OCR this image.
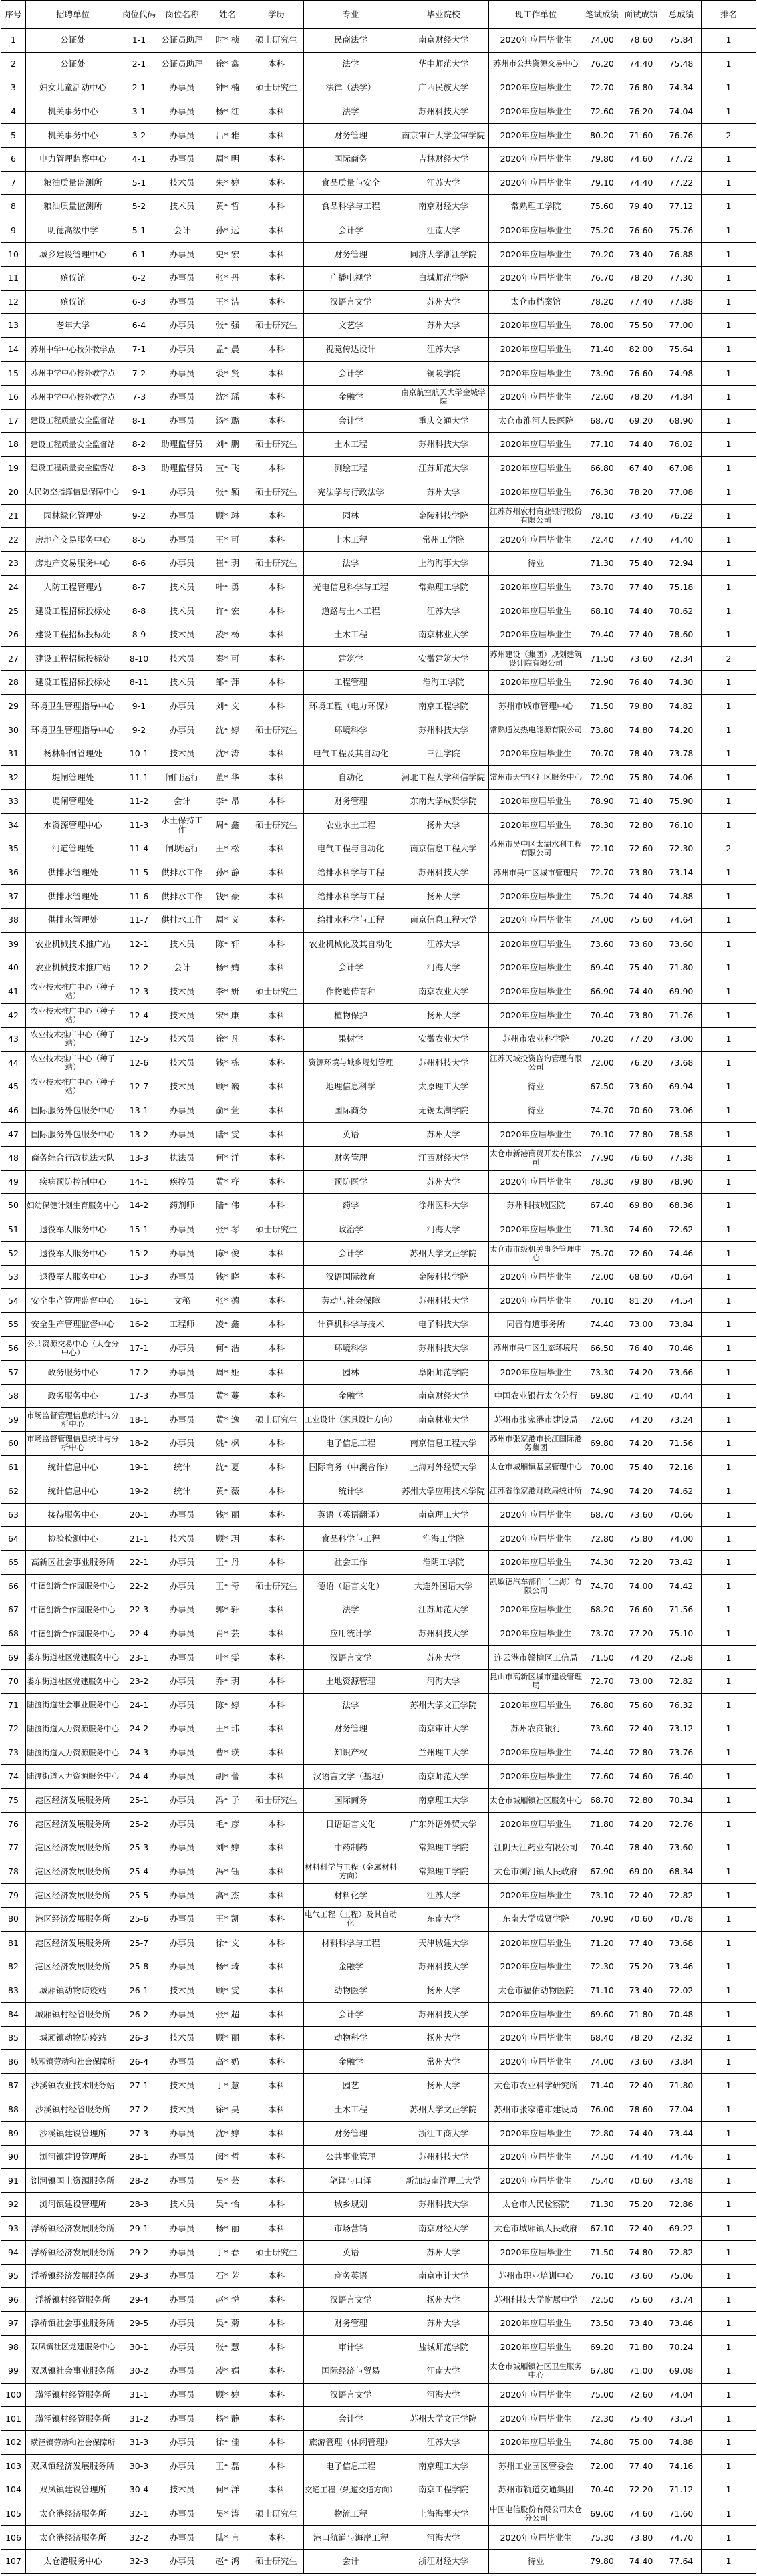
序号	招聘单位	岗位代码	岗位名称	姓名	学历	专业	毕业院校	现工作单位	笔试成绩	面试成绩	总成绩	排名
1	公证处	1-1	公证员助理	时* 桢	硕士研究生	民商法学	南京财经大学	2020年应届毕业生	74.00	78.60	75.84	1
2	公证处	2-1	公证员助理	徐* 鑫	本科	法学	华中师范大学	苏州市公共资源交易中心	76.20	74.40	75.48	1
3	妇女儿童活动中心	2-1	办事员	钟* 楠	硕士研究生	法律（法学）	广西民族大学	2020年应届毕业生	72.70	76.80	74.34	1
4	机关事务中心	3-1	办事员	杨* 红	本科	法学	苏州科技大学	2020年应届毕业生	72.60	76.20	74.04	1
5	机关事务中心	3-2	办事员	吕* 雅	本科	财务管理	南京审计大学金审学院	2020年应届毕业生	80.20	71.60	76.76	2
6	电力管理监察中心	4-1	办事员	周* 明	本科	国际商务	吉林财经大学	2020年应届毕业生	79.80	74.60	77.72	1
7	粮油质量监测所	5-1	技术员	朱* 婷	本科	食品质量与安全	江苏大学	2020年应届毕业生	79.10	74.40	77.22	1
8	粮油质量监测所	5-2	技术员	黄* 哲	本科	食品科学与工程	南京财经大学	常熟理工学院	75.60	79.40	77.12	1
9	明德高级中学	5-1	会计	孙* 远	本科	会计学	江南大学	2020年应届毕业生	75.20	76.60	75.76	1
10	城乡建设管理中心	6-1	办事员	史* 宏	本科	财务管理	同济大学浙江学院	2020年应届毕业生	79.20	73.40	76.88	1
11	殡仪馆	6-2	办事员	张* 丹	本科	广播电视学	白城师范学院	2020年应届毕业生	76.70	78.20	77.30	1
12	殡仪馆	6-3	办事员	王* 洁	本科	汉语言文学	苏州大学	太仓市档案馆	78.20	77.40	77.88	1
13	老年大学	6-4	办事员	张* 强	硕士研究生	文艺学	苏州大学	2020年应届毕业生	78.00	75.50	77.00	1
14	苏州中学中心校外教学点	7-1	办事员	孟* 晨	本科	视觉传达设计	江苏大学	2020年应届毕业生	71.40	82.00	75.64	1
15	苏州中学中心校外教学点	7-2	办事员	裘* 贤	本科	会计学	铜陵学院	2020年应届毕业生	73.90	76.60	74.98	1
16	苏州中学中心校外教学点	7-3	办事员	沈* 瑶	本科	金融学	南京航空航天大学金城学院	2020年应届毕业生	72.60	78.20	74.84	1
17	建设工程质量安全监督站	8-1	办事员	汤* 璐	本科	会计学	重庆交通大学	太仓市淮河人民医院	68.70	69.20	68.90	1
18	建设工程质量安全监督站	8-2	助理监督员	刘* 鹏	硕士研究生	土木工程	苏州科技大学	2020年应届毕业生	77.10	74.40	76.02	1
19	建设工程质量安全监督站	8-3	助理监督员	宣* 飞	本科	测绘工程	江苏师范大学	2020年应届毕业生	66.80	67.40	67.08	1
20	人民防空指挥信息保障中心	9-1	办事员	张* 颖	硕士研究生	宪法学与行政法学	苏州大学	2020年应届毕业生	76.30	78.20	77.08	1
21	园林绿化管理处	9-2	办事员	顾* 琳	本科	园林	金陵科技学院	江苏苏州农村商业银行股份有限公司	78.10	73.40	76.22	1
22	房地产交易服务中心	8-5	办事员	王* 可	本科	土木工程	常州工学院	2020年应届毕业生	72.40	77.40	74.40	1
23	房地产交易服务中心	8-6	办事员	崔* 玥	硕士研究生	法学	上海海事大学	待业	71.30	75.40	72.94	1
24	人防工程管理站	8-7	技术员	叶* 勇	本科	光电信息科学与工程	常熟理工学院	2020年应届毕业生	73.70	77.40	75.18	1
25	建设工程招标投标处	8-8	技术员	许* 宏	本科	道路与土木工程	江苏大学	2020年应届毕业生	68.10	74.40	70.62	1
26	建设工程招标投标处	8-9	技术员	凌* 杨	本科	土木工程	南京林业大学	2020年应届毕业生	79.40	77.40	78.60	1
27	建设工程招标投标处	8-10	技术员	秦* 可	本科	建筑学	安徽建筑大学	苏州建设（集团）规划建筑设计院有限公司	71.50	73.60	72.34	2
28	建设工程招标投标处	8-11	技术员	邹* 萍	本科	工程管理	淮海工学院	2020年应届毕业生	72.90	76.40	74.30	1
29	环境卫生管理指导中心	9-1	办事员	刘* 文	本科	环境工程（电力环保）	南京工程学院	苏州市城市管理中心	71.50	79.80	74.82	1
30	环境卫生管理指导中心	9-2	办事员	沈* 婷	硕士研究生	环境科学	苏州科技大学	常熟通发热电能源有限公司	73.80	74.80	74.20	1
31	杨林船闸管理处	10-1	技术员	沈* 涛	本科	电气工程及其自动化	三江学院	2020年应届毕业生	70.70	78.40	73.78	1
32	堤闸管理处	11-1	闸门运行	董* 华	本科	自动化	河北工程大学科信学院	常州市天宁区社区服务中心	72.90	75.80	74.06	1
33	堤闸管理处	11-2	会计	李* 昂	本科	财务管理	东南大学成贤学院	2020年应届毕业生	78.90	71.40	75.90	1
34	水资源管理中心	11-3	水土保持工作	周* 鑫	硕士研究生	农业水土工程	扬州大学	2020年应届毕业生	78.30	72.80	76.10	1
35	河道管理处	11-4	闸坝运行	王* 松	本科	电气工程与自动化	南京信息工程大学	苏州市吴中区太湖水利工程有限公司	72.10	72.60	72.30	2
36	供排水管理处	11-5	供排水工作	孙* 静	本科	给排水科学与工程	苏州科技大学	苏州市吴中区城市管理局	72.70	73.80	73.14	1
37	供排水管理处	11-6	供排水工作	钱* 豪	本科	给排水科学与工程	扬州大学	2020年应届毕业生	75.20	74.40	74.88	1
38	供排水管理处	11-7	供排水工作	周* 义	本科	给排水科学与工程	南京信息工程大学	2020年应届毕业生	74.00	75.60	74.64	1
39	农业机械技术推广站	12-1	技术员	陈* 轩	本科	农业机械化及其自动化	江苏大学	2020年应届毕业生	73.60	73.60	73.60	1
40	农业机械技术推广站	12-2	会计	杨* 婧	本科	会计学	河海大学	2020年应届毕业生	69.40	75.40	71.80	1
41	农业技术推广中心（种子站）	12-3	技术员	李* 妍	硕士研究生	作物遗传育种	南京农业大学	2020年应届毕业生	66.90	74.40	69.90	1
42	农业技术推广中心（种子站）	12-4	技术员	宋* 康	本科	植物保护	扬州大学	2020年应届毕业生	70.40	73.80	71.76	1
43	农业技术推广中心（种子站）	12-5	技术员	徐* 凡	本科	果树学	安徽农业大学	苏州市农业科学院	70.20	77.20	73.00	1
44	农业技术推广中心（种子站）	12-6	技术员	钱* 栋	本科	资源环境与城乡规划管理	苏州科技大学	江苏天域投资咨询管理有限公司	72.00	76.20	73.68	1
45	农业技术推广中心（种子站）	12-7	技术员	顾* 巍	本科	地理信息科学	太原理工大学	待业	67.50	73.60	69.94	1
46	国际服务外包服务中心	13-1	办事员	俞* 萱	本科	国际商务	无锡太湖学院	待业	74.70	70.60	73.06	1
47	国际服务外包服务中心	13-2	办事员	陆* 雯	本科	英语	苏州大学	2020年应届毕业生	79.10	77.80	78.58	1
48	商务综合行政执法大队	13-3	执法员	何* 洋	本科	财务管理	江西财经大学	太仓市新港商贸开发有限公司	77.90	76.60	77.38	1
49	疾病预防控制中心	14-1	疾控员	黄* 桦	本科	预防医学	苏州大学	2020年应届毕业生	78.30	79.80	78.90	1
50	妇幼保健计划生育服务中心	14-2	药剂师	陆* 伟	本科	药学	徐州医科大学	苏州科技城医院	67.40	69.80	68.36	1
51	退役军人服务中心	15-1	办事员	张* 琴	硕士研究生	政治学	河海大学	2020年应届毕业生	71.30	74.60	72.62	1
52	退役军人服务中心	15-2	办事员	陈* 俊	本科	会计学	苏州大学文正学院	太仓市市级机关事务管理中心	75.70	72.60	74.46	1
53	退役军人服务中心	15-3	办事员	钱* 晓	本科	汉语国际教育	金陵科技学院	2020年应届毕业生	72.00	68.60	70.64	1
54	安全生产管理监督中心	16-1	文秘	张* 德	本科	劳动与社会保障	苏州科技大学	2020年应届毕业生	70.10	81.20	74.54	1
55	安全生产管理监督中心	16-2	工程师	凌* 鑫	本科	计算机科学与技术	电子科技大学	同晋有道事务所	74.40	73.00	73.84	1
56	公共资源交易中心（太仓分中心）	17-1	办事员	何* 浩	本科	环境科学	苏州科技大学	苏州市吴中区生态环境局	66.50	76.40	70.46	1
57	政务服务中心	17-2	办事员	周* 娅	本科	园林	阜阳师范学院	2020年应届毕业生	73.30	74.20	73.66	1
58	政务服务中心	17-3	办事员	黄* 蔓	本科	金融学	南京财经大学	中国农业银行太仓分行	69.80	71.40	70.44	1
59	市场监督管理信息统计与分析中心	18-1	办事员	黄* 逸	硕士研究生	工业设计（家具设计方向）	南京林业大学	苏州市张家港市建设局	72.60	74.20	73.24	1
60	市场监督管理信息统计与分析中心	18-2	办事员	姚* 枫	本科	电子信息工程	南京信息工程大学	苏州市张家港市长江国际港务集团	69.80	74.20	71.56	1
61	统计信息中心	19-1	统计	沈* 夏	本科	国际商务（中澳合作）	上海对外经贸大学	太仓市城厢镇基层管理中心	70.00	75.40	72.16	1
62	统计信息中心	19-2	统计	黄* 薇	本科	统计学	苏州大学应用技术学院	江苏省徐家港财政局统计所	74.90	74.20	74.62	1
63	接待服务中心	20-1	办事员	钱* 丽	本科	英语（英语翻译）	南京理工大学	2020年应届毕业生	68.70	73.60	70.66	1
64	检验检测中心	21-1	技术员	顾* 玥	本科	食品科学与工程	淮海工学院	2020年应届毕业生	72.80	75.80	74.00	1
65	高新区社会事业服务所	22-1	办事员	王* 丹	本科	社会工作	淮阴工学院	2020年应届毕业生	74.30	72.20	73.42	1
66	中德创新合作园服务中心	22-2	办事员	王* 奇	硕士研究生	德语（语言文化）	大连外国语大学	凯敏德汽车部件（上海）有限公司	74.70	74.00	74.42	1
67	中德创新合作园服务中心	22-3	办事员	郭* 轩	本科	法学	江苏师范大学	2020年应届毕业生	68.20	76.60	71.56	1
68	中德创新合作园服务中心	22-4	办事员	肖* 芸	本科	应用统计学	苏州科技大学	2020年应届毕业生	73.70	77.20	75.10	1
69	娄东街道社区党建服务中心	23-1	办事员	叶* 雯	本科	汉语言文学	苏州大学	连云港市赣榆区工信局	71.50	74.20	72.58	1
70	娄东街道社区党建服务中心	23-2	办事员	乔* 玥	本科	土地资源管理	河海大学	昆山市高新区城市建设管理局	72.70	73.00	72.82	1
71	陆渡街道社会事业服务中心	24-1	办事员	陈* 婷	本科	法学	苏州大学文正学院	2020年应届毕业生	76.80	75.60	76.32	1
72	陆渡街道人力资源服务中心	24-2	办事员	王* 玮	本科	财务管理	南京审计大学	苏州农商银行	73.60	72.40	73.12	1
73	陆渡街道人力资源服务中心	24-3	办事员	曹* 瑛	本科	知识产权	兰州理工大学	2020年应届毕业生	74.40	72.80	73.76	1
74	陆渡街道人力资源服务中心	24-4	办事员	胡* 蕾	本科	汉语言文学（基地）	南京师范大学	2020年应届毕业生	77.60	74.60	76.40	1
75	港区经济发展服务所	25-1	办事员	冯* 子	硕士研究生	国际商务	南京理工大学	太仓市城厢镇社区服务中心	68.70	72.80	70.34	1
76	港区经济发展服务所	25-2	办事员	毛* 彦	本科	日语语言文化	广东外语外贸大学	2020年应届毕业生	71.80	74.20	72.76	1
77	港区经济发展服务所	25-3	办事员	刘* 婷	本科	中药制药	常熟理工学院	江阴天江药业有限公司	70.40	78.40	73.60	1
78	港区经济发展服务所	25-4	办事员	冯* 钰	本科	材料科学与工程（金属材料方向）	常熟理工学院	太仓市浏河镇人民政府	67.90	69.00	68.34	1
79	港区经济发展服务所	25-5	办事员	高* 杰	本科	材料化学	江苏大学	2020年应届毕业生	73.10	72.40	72.82	1
80	港区经济发展服务所	25-6	办事员	王* 凯	本科	电气工程（工程）及其自动化	东南大学	东南大学成贤学院	70.90	70.60	70.78	1
81	港区经济发展服务所	25-7	办事员	徐* 文	本科	材料科学与工程	天津城建大学	2020年应届毕业生	71.20	77.40	73.68	1
82	港区经济发展服务所	25-8	办事员	杨* 琦	本科	金融学	苏州科技大学	2020年应届毕业生	72.30	75.20	73.46	1
83	城厢镇动物防疫站	26-1	技术员	顾* 雯	本科	动物医学	扬州大学	太仓市福佑动物医院	71.10	73.40	72.02	1
84	城厢镇村经管服务所	26-2	办事员	张* 超	本科	会计学	苏州科技大学	2020年应届毕业生	69.60	71.80	70.48	1
85	城厢镇动物防疫站	26-3	技术员	顾* 丽	本科	动物科学	扬州大学	2020年应届毕业生	68.40	78.20	72.32	1
86	城厢镇劳动和社会保障所	26-4	办事员	高* 奶	本科	金融学	常州大学	2020年应届毕业生	74.00	73.60	73.84	1
87	沙溪镇农业技术服务站	27-1	技术员	丁* 慧	本科	园艺	扬州大学	太仓市农业科学研究所	71.40	72.40	71.80	1
88	沙溪镇村经管服务所	27-2	技术员	徐* 昊	本科	土木工程	苏州大学文正学院	苏州市张家港市建设局	76.00	78.60	77.04	1
89	沙溪镇建设管理所	27-3	办事员	沈* 婷	本科	财务管理	浙江工商大学	2020年应届毕业生	72.80	74.40	73.44	1
90	浏河镇建设管理所	28-1	办事员	闵* 哲	本科	公共事业管理	苏州科技大学	2020年应届毕业生	74.50	74.40	74.46	1
91	浏河镇国土资源服务所	28-2	办事员	吴* 芸	本科	笔译与口译	新加坡南洋理工大学	2020年应届毕业生	75.40	70.60	73.48	1
92	浏河镇建设管理所	28-3	技术员	吴* 怡	本科	城乡规划	苏州科技大学	太仓市人民检察院	71.30	75.20	72.86	1
93	浮桥镇经济发展服务所	29-1	办事员	杨* 丽	本科	市场营销	南京财经大学	太仓市城厢镇人民政府	67.10	72.40	69.22	1
94	浮桥镇经济发展服务所	29-2	办事员	丁* 春	硕士研究生	英语	苏州大学	2020年应届毕业生	71.50	74.80	72.82	1
95	浮桥镇经济发展服务所	29-3	办事员	石* 芳	本科	商务英语	南京审计大学	苏州市职业培训中心	76.10	73.60	75.06	1
96	浮桥镇村经管服务所	29-4	办事员	赵* 悦	本科	汉语言文学	扬州大学	苏州科技大学附属中学	72.50	75.60	73.74	1
97	浮桥镇社会事业服务所	29-5	办事员	吴* 菊	本科	财务管理	苏州大学	2020年应届毕业生	73.50	73.40	73.46	1
98	双凤镇社区党建服务中心	30-1	办事员	张* 慧	本科	审计学	盐城师范学院	2020年应届毕业生	69.20	71.80	70.24	1
99	双凤镇社会事业服务所	30-2	办事员	凌* 娟	本科	国际经济与贸易	江南大学	太仓市城厢镇社区卫生服务中心	67.80	71.00	69.08	1
100	璜泾镇村经管服务所	31-1	办事员	顾* 婷	本科	汉语言文学	河海大学	2020年应届毕业生	75.00	72.60	74.04	1
101	璜泾镇村经管服务所	31-2	办事员	杨* 静	本科	会计学	苏州大学文正学院	2020年应届毕业生	72.30	75.40	73.54	1
102	璜泾镇劳动和社会保障所	31-3	办事员	徐* 佳	本科	旅游管理（休闲管理）	江苏大学	2020年应届毕业生	74.80	75.00	74.88	1
103	双凤镇经济发展服务所	30-3	办事员	王* 磊	本科	电子信息工程	南京理工大学	苏州工业园区管委会	72.00	77.40	74.16	1
104	双凤镇建设管理所	30-4	技术员	何* 洋	本科	交通工程（轨道交通方向）	南京工程学院	苏州市轨道交通集团	70.40	72.20	71.12	1
105	太仓港经济服务所	32-1	办事员	吴* 涛	硕士研究生	物流工程	上海海事大学	中国电信股份有限公司太仓分公司	69.60	74.60	71.60	1
106	太仓港经济服务所	32-2	办事员	陆* 言	本科	港口航道与海岸工程	河海大学	2020年应届毕业生	75.30	73.80	74.70	1
107	太仓港服务中心	32-3	办事员	赵* 鸿	硕士研究生	会计	浙江财经大学	待业	79.80	74.40	77.64	1
